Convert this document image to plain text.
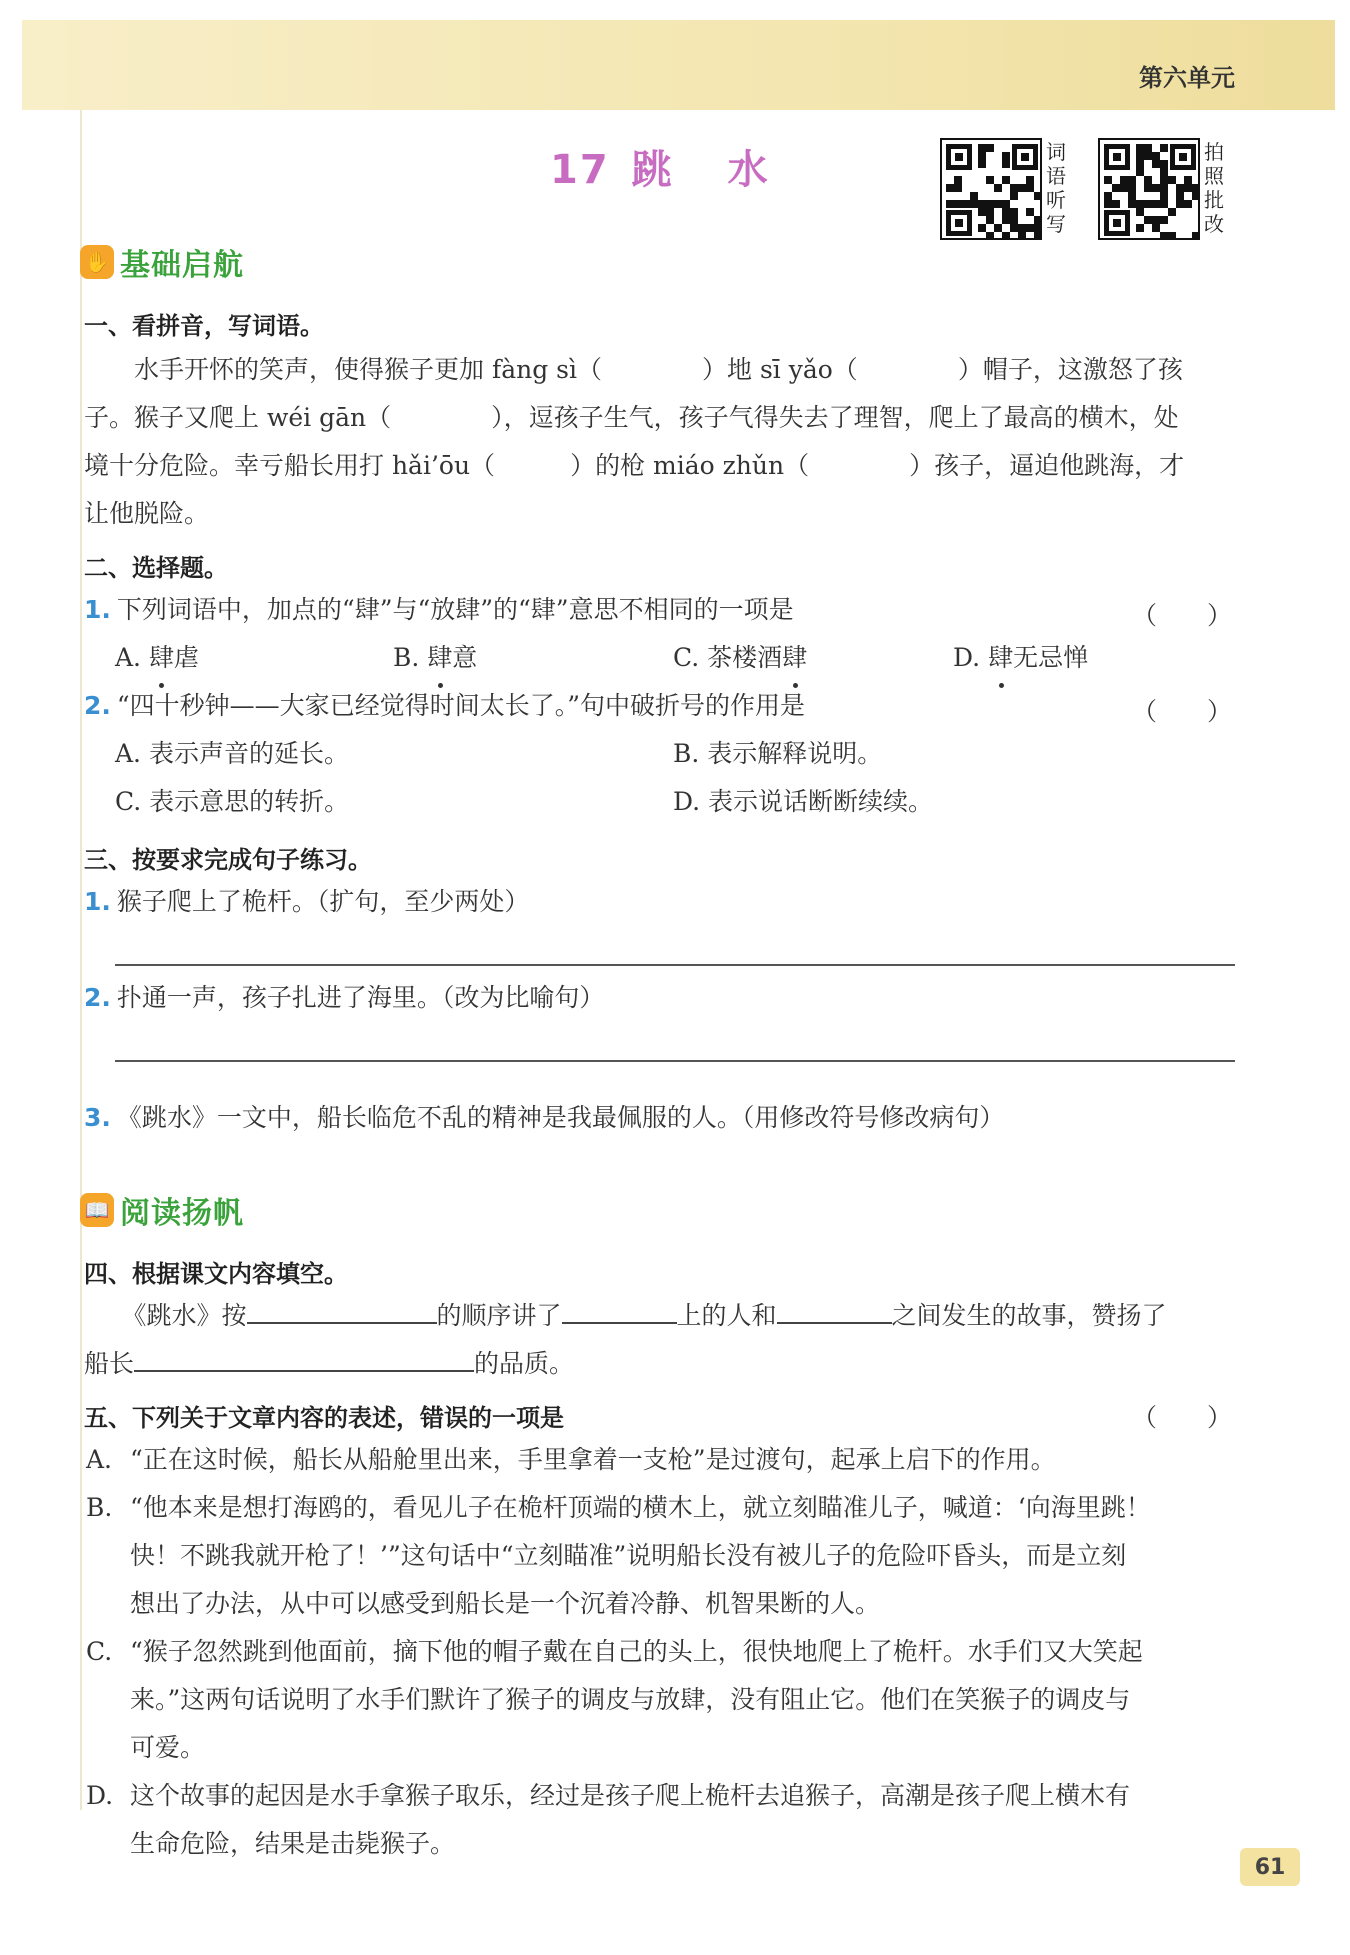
第六单元
17 跳　水	词
语
听
写
拍
照
批
改
✋ 基础启航
一、看拼音，写词语。
　　水手开怀的笑声，使得猴子更加 fàng sì（　　　　	）地 sī yǎo（　　　　	）帽子，这激怒了孩
子。猴子又爬上 wéi gān（　　　　	），逗孩子生气，孩子气得失去了理智，爬上了最高的横木，处
境十分危险。幸亏船长用打 hǎi’ōu（　　　	）的枪 miáo zhǔn（　　　　	）孩子，逼迫他跳海，才
让他脱险。
二、选择题。
1. 下列词语中，加点的“肆”与“放肆”的“肆”意思不相同的一项是	（　　）
A. 肆虐	B. 肆意	C. 茶楼酒肆	D. 肆无忌惮
2. “四十秒钟——大家已经觉得时间太长了。”句中破折号的作用是	（　　）
A. 表示声音的延长。	B. 表示解释说明。
C. 表示意思的转折。	D. 表示说话断断续续。
三、按要求完成句子练习。
1. 猴子爬上了桅杆。（扩句，至少两处）
2. 扑通一声，孩子扎进了海里。（改为比喻句）
3. 《跳水》一文中，船长临危不乱的精神是我最佩服的人。（用修改符号修改病句）
📖 阅读扬帆
四、根据课文内容填空。
　　《跳水》按	的顺序讲了	上的人和	之间发生的故事，赞扬了
船长	的品质。
五、下列关于文章内容的表述，错误的一项是	（　　）
A. “正在这时候，船长从船舱里出来，手里拿着一支枪”是过渡句，起承上启下的作用。
B. “他本来是想打海鸥的，看见儿子在桅杆顶端的横木上，就立刻瞄准儿子，喊道：‘向海里跳！
快！不跳我就开枪了！’”这句话中“立刻瞄准”说明船长没有被儿子的危险吓昏头，而是立刻
想出了办法，从中可以感受到船长是一个沉着冷静、机智果断的人。
C. “猴子忽然跳到他面前，摘下他的帽子戴在自己的头上，很快地爬上了桅杆。水手们又大笑起
来。”这两句话说明了水手们默许了猴子的调皮与放肆，没有阻止它。他们在笑猴子的调皮与
可爱。
D. 这个故事的起因是水手拿猴子取乐，经过是孩子爬上桅杆去追猴子，高潮是孩子爬上横木有
生命危险，结果是击毙猴子。
61
